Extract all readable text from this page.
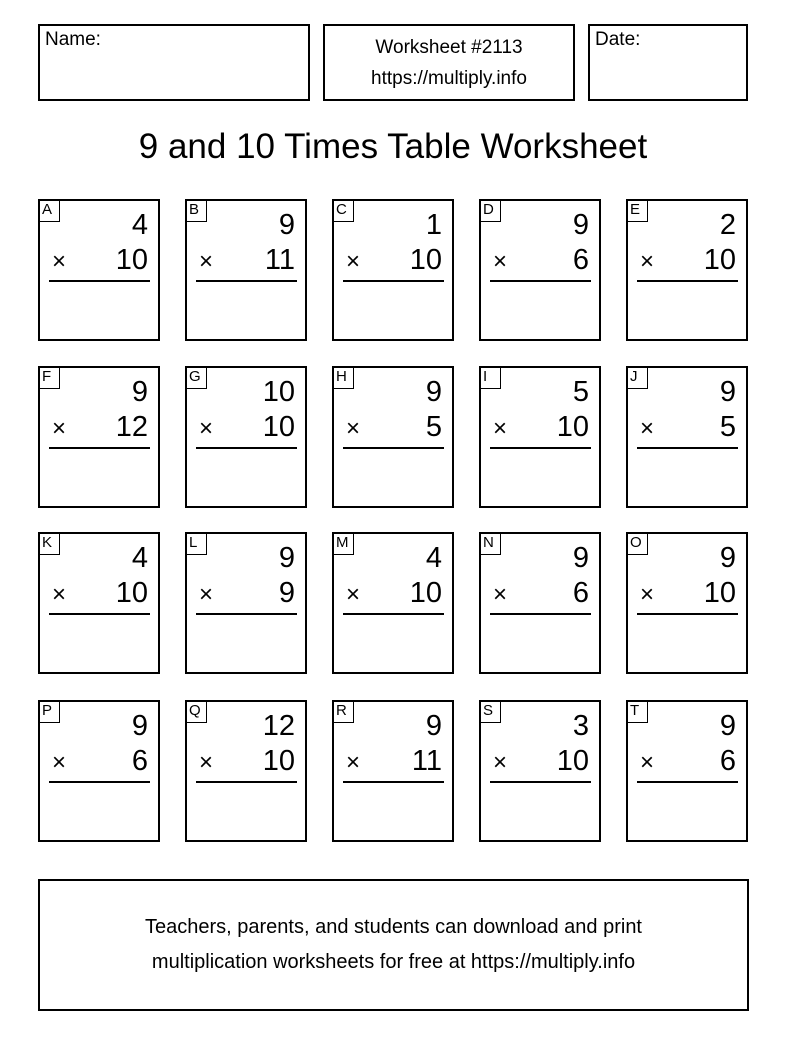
Name:	Worksheet #2113
https://multiply.info
Date:
9 and 10 Times Table Worksheet
A	4
× 10
B	9
× 11
C	1
× 10
D	9
× 6
E	2
× 10
F	9
× 12
G 10
× 10
H	9
× 5
I	5
× 10
J	9
× 5
K	4
× 10
L	9
× 9
M	4
× 10
N	9
× 6
O	9
× 10
P	9
× 6
Q 12
× 10
R	9
× 11
S	3
× 10
T	9
× 6
Teachers, parents, and students can download and print
multiplication worksheets for free at https://multiply.info
